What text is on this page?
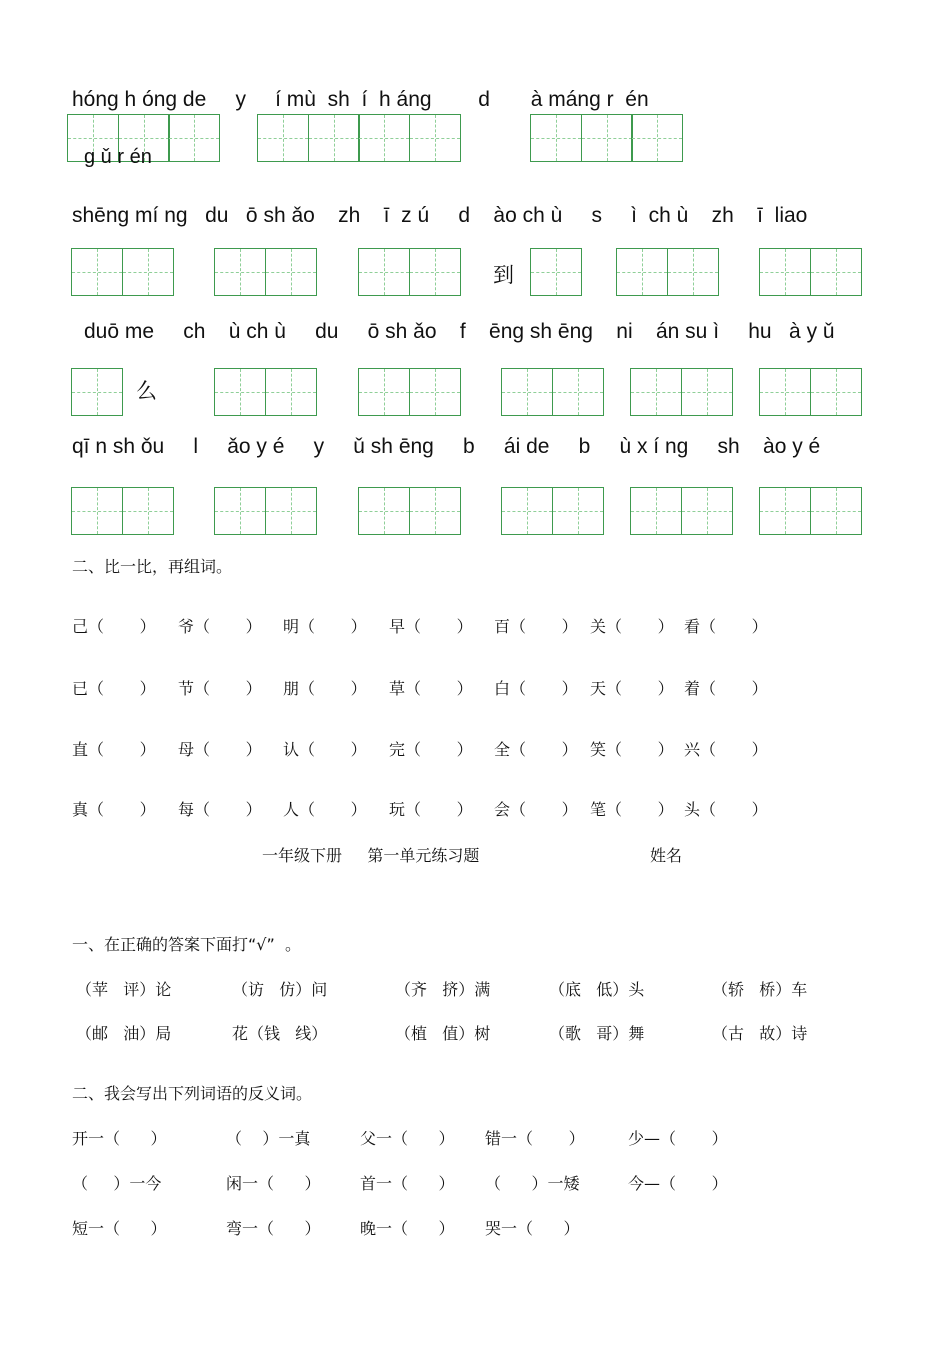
hóng h óng de     y     í mù  sh  í  h áng        d       à máng r  én
shēng mí ng   du   ō sh ǎo    zh    ī  z ú     d    ào ch ù     s     ì  ch ù    zh    ī  liao
duō me     ch    ù ch ù     du     ō sh ǎo    f    ēng sh ēng    ni    án su ì     hu   à y ǔ
qī n sh ǒu     l     ǎo y é     y     ǔ sh ēng     b     ái de     b     ù x í ng     sh    ào y é
g ǔ r én
到
么
二、比一比，再组词。
己（       ） 爷（       ） 明（       ） 早（       ） 百（       ） 关（       ） 看（       ）
已（       ） 节（       ） 朋（       ） 草（       ） 白（       ） 天（       ） 着（       ）
直（       ） 母（       ） 认（       ） 完（       ） 全（       ） 笑（       ） 兴（       ）
真（       ） 每（       ） 人（       ） 玩（       ） 会（       ） 笔（       ） 头（       ）
一年级下册     第一单元练习题	姓名
一、在正确的答案下面打“√”  。
（苹   评）论	（访   仿）问	（齐   挤）满	（底   低）头	（轿   桥）车
（邮   油）局	花（钱   线）	（植   值）树	（歌   哥）舞	（古   故）诗
二、我会写出下列词语的反义词。
开一（      ）	（    ）一真	父一（      ） 错一（       ）	少—（       ）
（     ）一今	闲一（      ） 首一（      ） （      ）一矮	今—（       ）
短一（      ）	弯一（      ） 晚一（      ） 哭一（      ）
